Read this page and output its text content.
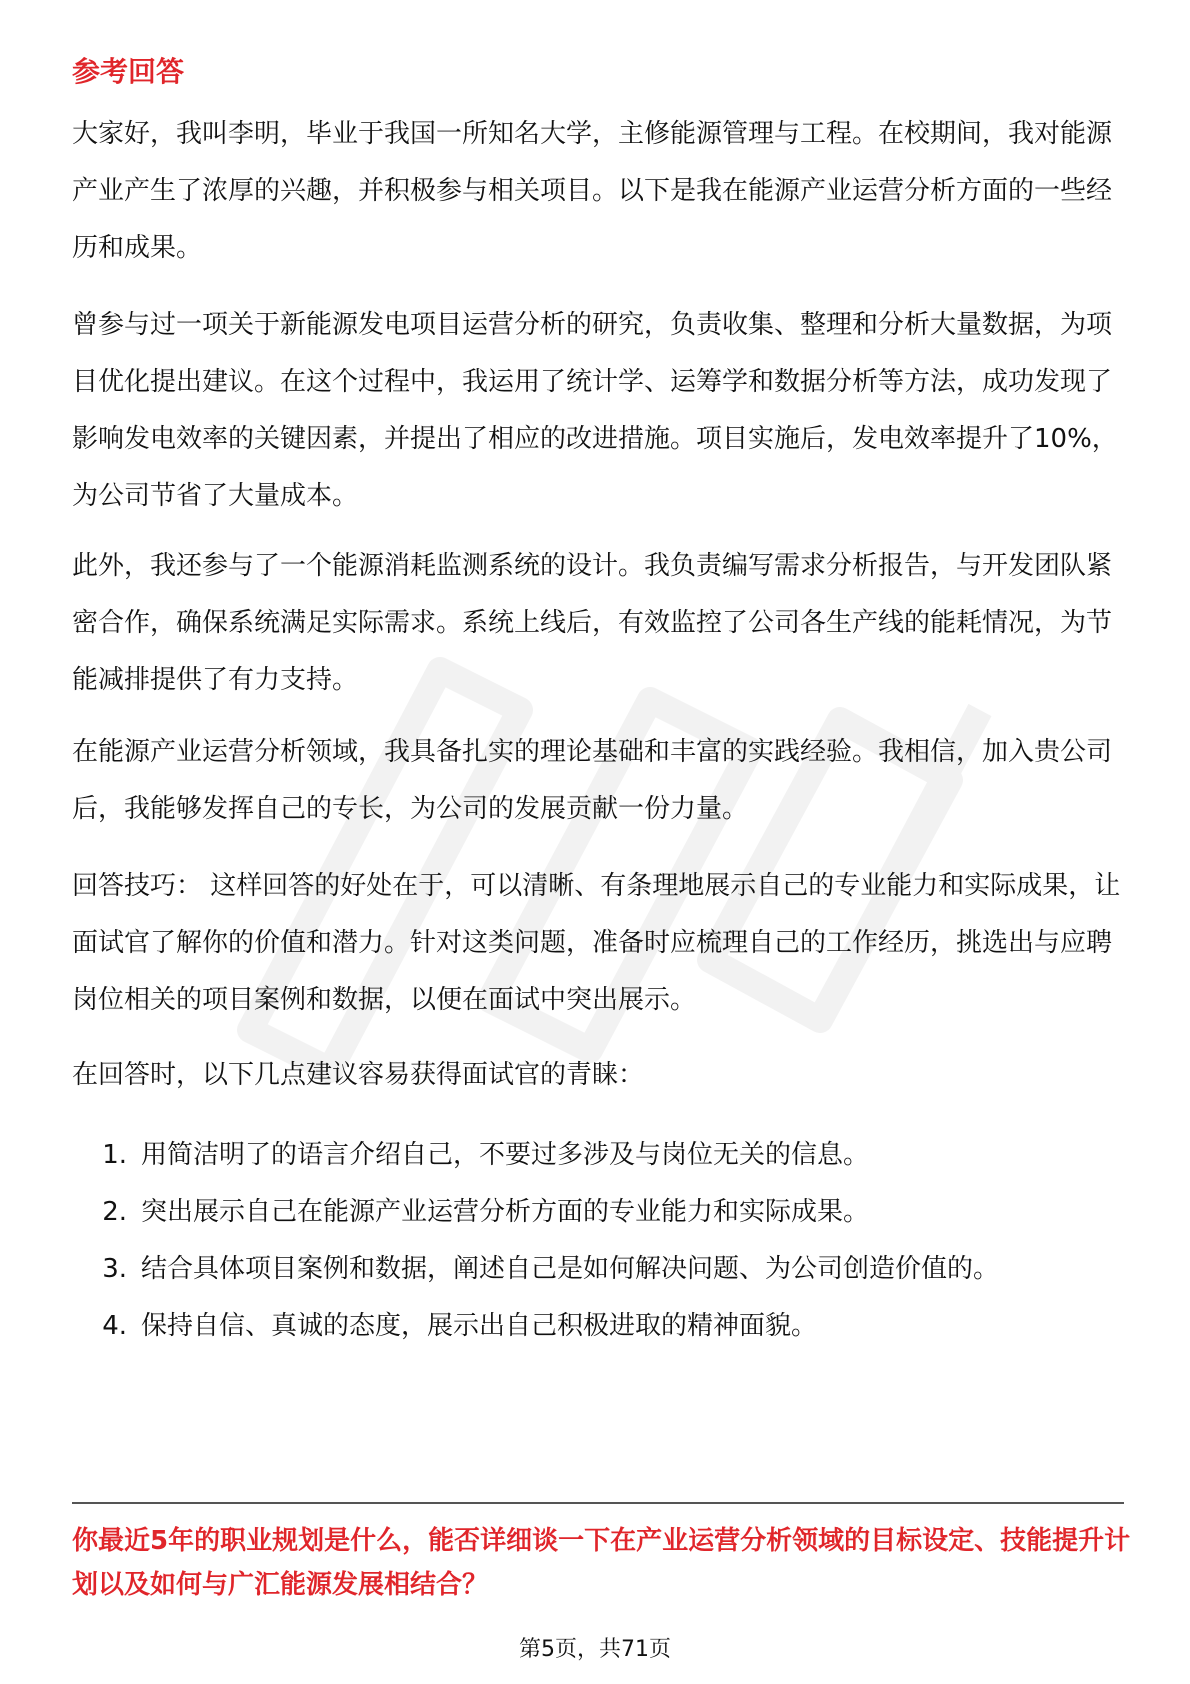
参考回答

大家好，我叫李明，毕业于我国一所知名大学，主修能源管理与工程。在校期间，我对能源产业产生了浓厚的兴趣，并积极参与相关项目。以下是我在能源产业运营分析方面的一些经历和成果。

曾参与过一项关于新能源发电项目运营分析的研究，负责收集、整理和分析大量数据，为项目优化提出建议。在这个过程中，我运用了统计学、运筹学和数据分析等方法，成功发现了影响发电效率的关键因素，并提出了相应的改进措施。项目实施后，发电效率提升了10%，为公司节省了大量成本。

此外，我还参与了一个能源消耗监测系统的设计。我负责编写需求分析报告，与开发团队紧密合作，确保系统满足实际需求。系统上线后，有效监控了公司各生产线的能耗情况，为节能减排提供了有力支持。

在能源产业运营分析领域，我具备扎实的理论基础和丰富的实践经验。我相信，加入贵公司后，我能够发挥自己的专长，为公司的发展贡献一份力量。

回答技巧： 这样回答的好处在于，可以清晰、有条理地展示自己的专业能力和实际成果，让面试官了解你的价值和潜力。针对这类问题，准备时应梳理自己的工作经历，挑选出与应聘岗位相关的项目案例和数据，以便在面试中突出展示。

在回答时，以下几点建议容易获得面试官的青睐：

1. 用简洁明了的语言介绍自己，不要过多涉及与岗位无关的信息。
2. 突出展示自己在能源产业运营分析方面的专业能力和实际成果。
3. 结合具体项目案例和数据，阐述自己是如何解决问题、为公司创造价值的。
4. 保持自信、真诚的态度，展示出自己积极进取的精神面貌。
你最近5年的职业规划是什么，能否详细谈一下在产业运营分析领域的目标设定、技能提升计划以及如何与广汇能源发展相结合？
第5页，共71页
